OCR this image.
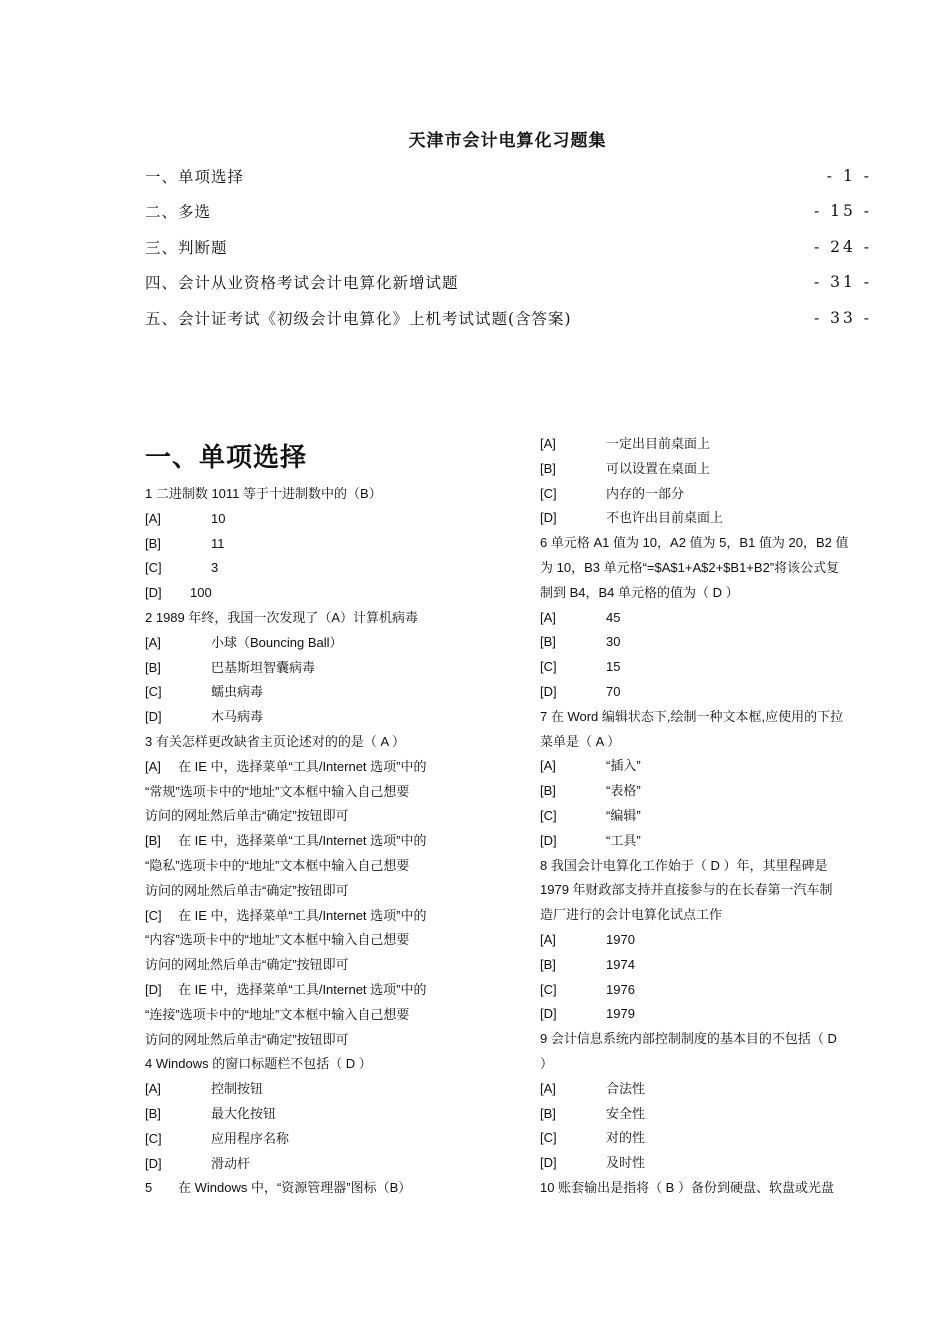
天津市会计电算化习题集
一、单项选择	- 1 -
二、多选	- 15 -
三、判断题	- 24 -
四、会计从业资格考试会计电算化新增试题	- 31 -
五、会计证考试《初级会计电算化》上机考试试题(含答案)	- 33 -
一、单项选择

1 二进制数 1011 等于十进制数中的（B）

[A]	10
[B]	11
[C]	3
[D]	100

2 1989 年终，我国一次发现了（A）计算机病毒

[A]	小球（Bouncing Ball）
[B]	巴基斯坦智囊病毒
[C]	蠕虫病毒
[D]	木马病毒

3 有关怎样更改缺省主页论述对的的是（ A ）

[A]	在 IE 中，选择菜单“工具/Internet 选项”中的

“常规”选项卡中的“地址”文本框中输入自己想要

访问的网址然后单击“确定”按钮即可

[B]	在 IE 中，选择菜单“工具/Internet 选项”中的

“隐私”选项卡中的“地址”文本框中输入自己想要

访问的网址然后单击“确定”按钮即可

[C]	在 IE 中，选择菜单“工具/Internet 选项”中的

“内容”选项卡中的“地址”文本框中输入自己想要

访问的网址然后单击“确定”按钮即可

[D]	在 IE 中，选择菜单“工具/Internet 选项”中的

“连接”选项卡中的“地址”文本框中输入自己想要

访问的网址然后单击“确定”按钮即可

4 Windows 的窗口标题栏不包括（ D ）

[A]	控制按钮
[B]	最大化按钮
[C]	应用程序名称
[D]	滑动杆
5	在 Windows 中，“资源管理器”图标（B）
[A]	一定出目前桌面上
[B]	可以设置在桌面上
[C]	内存的一部分
[D]	不也许出目前桌面上

6 单元格 A1 值为 10，A2 值为 5，B1 值为 20，B2 值

为 10，B3 单元格“=$A$1+A$2+$B1+B2”将该公式复

制到 B4，B4 单元格的值为（ D ）

[A]	45
[B]	30
[C]	15
[D]	70

7 在 Word 编辑状态下,绘制一种文本框,应使用的下拉

菜单是（ A ）

[A]	“插入”
[B]	“表格”
[C]	“编辑”
[D]	“工具”

8 我国会计电算化工作始于（ D ）年，其里程碑是

1979 年财政部支持并直接参与的在长春第一汽车制

造厂进行的会计电算化试点工作

[A]	1970
[B]	1974
[C]	1976
[D]	1979

9 会计信息系统内部控制制度的基本目的不包括（ D

）

[A]	合法性
[B]	安全性
[C]	对的性
[D]	及时性

10 账套输出是指将（ B ）备份到硬盘、软盘或光盘
